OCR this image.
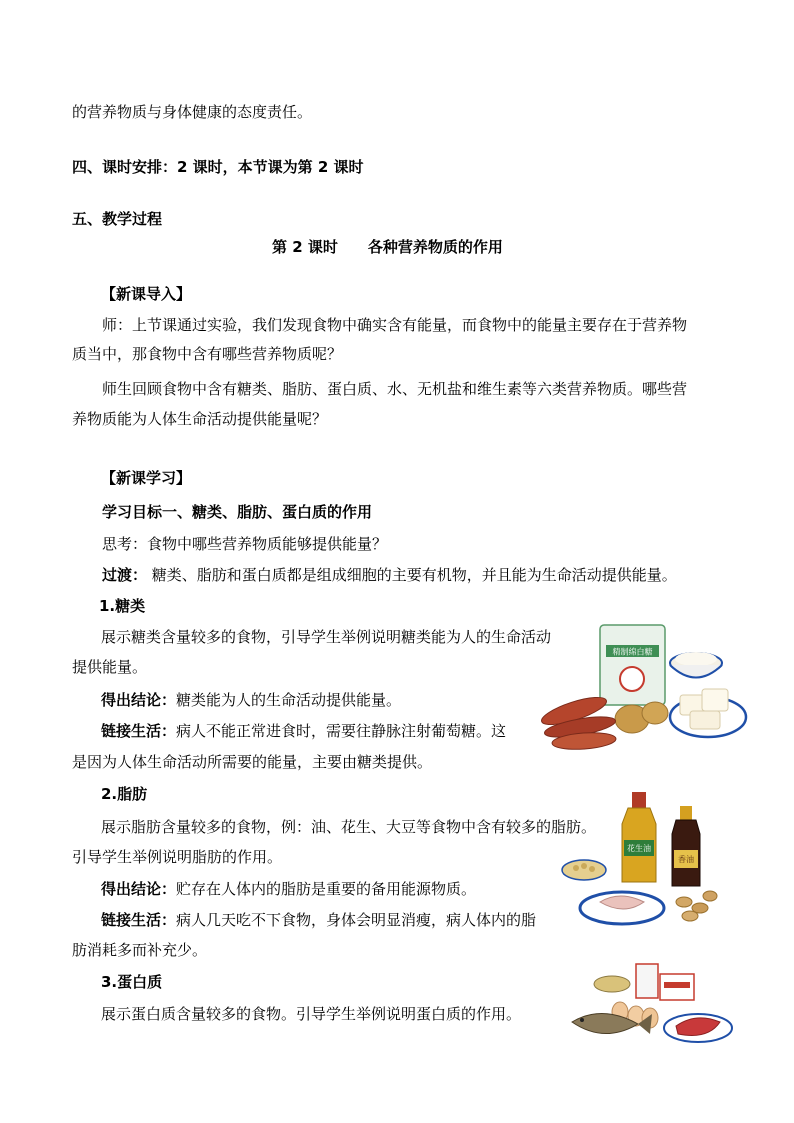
的营养物质与身体健康的态度责任。
四、课时安排：2 课时，本节课为第 2 课时
五、教学过程
第 2 课时　　各种营养物质的作用
【新课导入】
师：上节课通过实验，我们发现食物中确实含有能量，而食物中的能量主要存在于营养物
质当中，那食物中含有哪些营养物质呢？
师生回顾食物中含有糖类、脂肪、蛋白质、水、无机盐和维生素等六类营养物质。哪些营
养物质能为人体生命活动提供能量呢？
【新课学习】
学习目标一、糖类、脂肪、蛋白质的作用
思考：食物中哪些营养物质能够提供能量？
过渡： 糖类、脂肪和蛋白质都是组成细胞的主要有机物，并且能为生命活动提供能量。
1.糖类
展示糖类含量较多的食物，引导学生举例说明糖类能为人的生命活动
提供能量。
得出结论：糖类能为人的生命活动提供能量。
链接生活：病人不能正常进食时，需要往静脉注射葡萄糖。这
是因为人体生命活动所需要的能量，主要由糖类提供。
2.脂肪
展示脂肪含量较多的食物，例：油、花生、大豆等食物中含有较多的脂肪。
引导学生举例说明脂肪的作用。
得出结论：贮存在人体内的脂肪是重要的备用能源物质。
链接生活：病人几天吃不下食物，身体会明显消瘦，病人体内的脂
肪消耗多而补充少。
3.蛋白质
展示蛋白质含量较多的食物。引导学生举例说明蛋白质的作用。
精制绵白糖
花生油
香油
